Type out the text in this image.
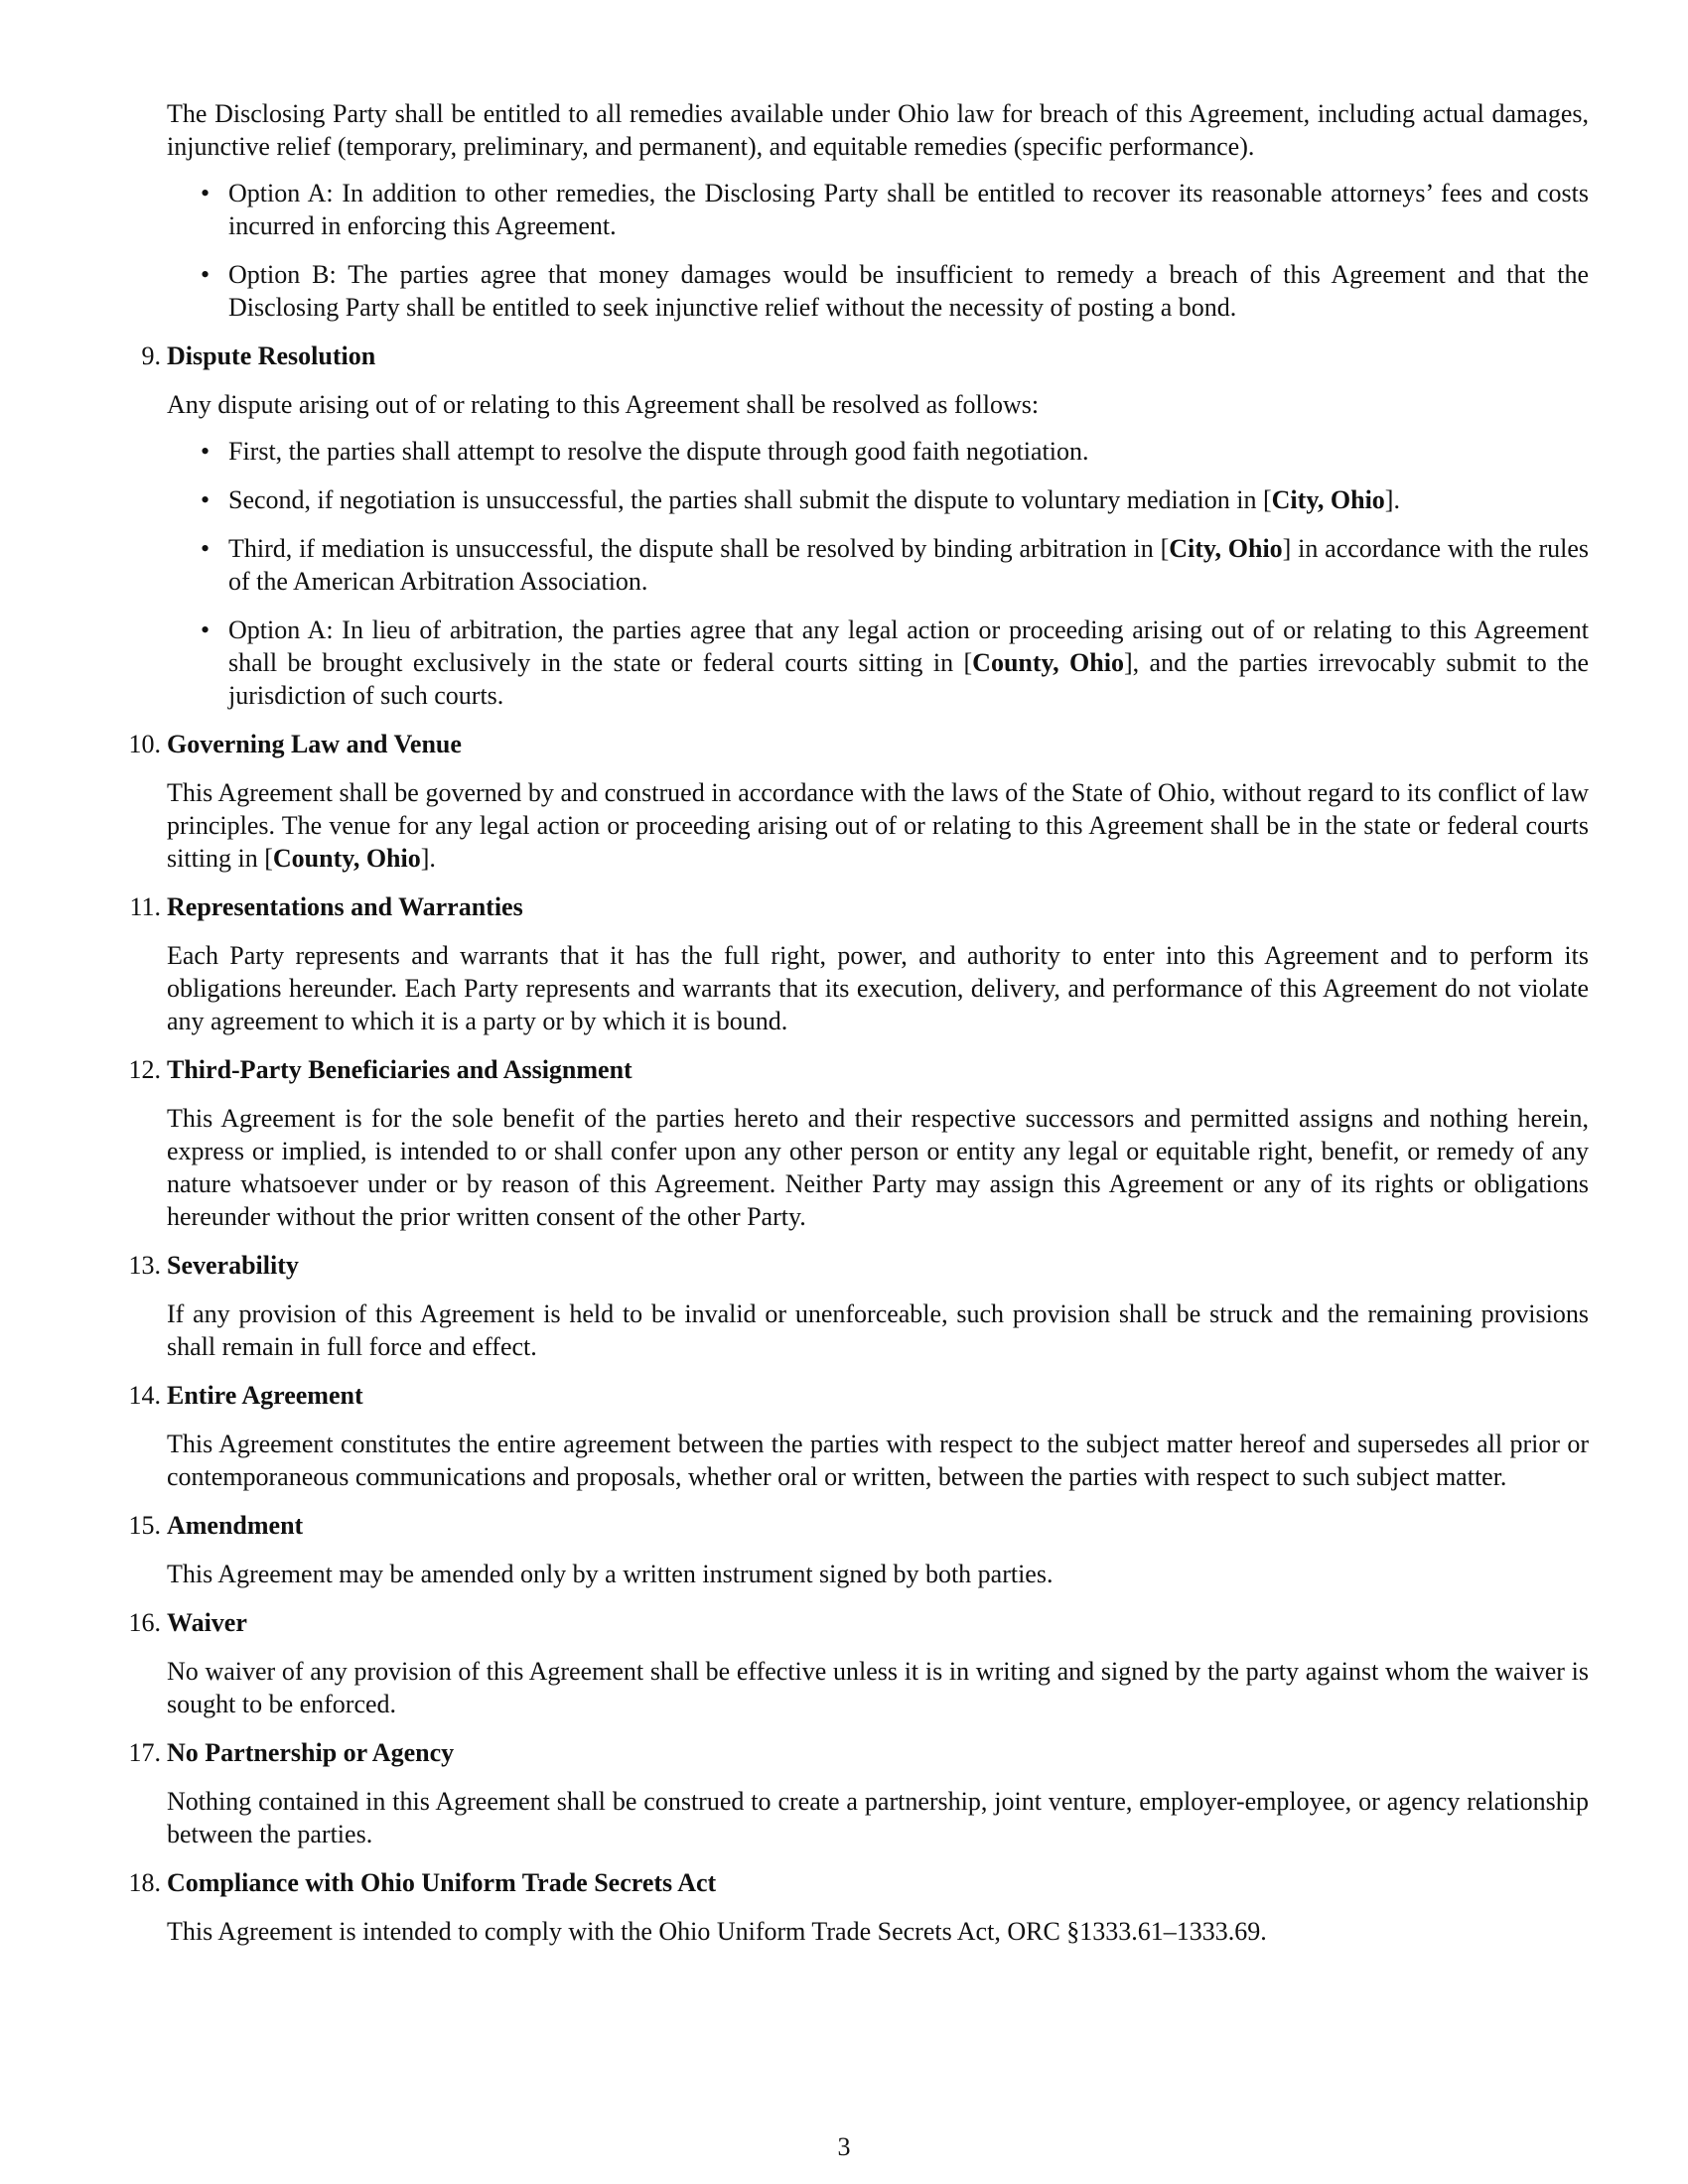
The Disclosing Party shall be entitled to all remedies available under Ohio law for breach of this Agreement, including actual damages, injunctive relief (temporary, preliminary, and permanent), and equitable remedies (specific performance).

• Option A: In addition to other remedies, the Disclosing Party shall be entitled to recover its reasonable attorneys’ fees and costs incurred in enforcing this Agreement.
• Option B: The parties agree that money damages would be insufficient to remedy a breach of this Agreement and that the Disclosing Party shall be entitled to seek injunctive relief without the necessity of posting a bond.
9. Dispute Resolution

Any dispute arising out of or relating to this Agreement shall be resolved as follows:

• First, the parties shall attempt to resolve the dispute through good faith negotiation.
• Second, if negotiation is unsuccessful, the parties shall submit the dispute to voluntary mediation in [City, Ohio].
• Third, if mediation is unsuccessful, the dispute shall be resolved by binding arbitration in [City, Ohio] in accordance with the rules of the American Arbitration Association.
• Option A: In lieu of arbitration, the parties agree that any legal action or proceeding arising out of or relating to this Agreement shall be brought exclusively in the state or federal courts sitting in [County, Ohio], and the parties irrevocably submit to the jurisdiction of such courts.
10. Governing Law and Venue

This Agreement shall be governed by and construed in accordance with the laws of the State of Ohio, without regard to its conflict of law principles. The venue for any legal action or proceeding arising out of or relating to this Agreement shall be in the state or federal courts sitting in [County, Ohio].

11. Representations and Warranties

Each Party represents and warrants that it has the full right, power, and authority to enter into this Agreement and to perform its obligations hereunder. Each Party represents and warrants that its execution, delivery, and performance of this Agreement do not violate any agreement to which it is a party or by which it is bound.

12. Third-Party Beneficiaries and Assignment

This Agreement is for the sole benefit of the parties hereto and their respective successors and permitted assigns and nothing herein, express or implied, is intended to or shall confer upon any other person or entity any legal or equitable right, benefit, or remedy of any nature whatsoever under or by reason of this Agreement. Neither Party may assign this Agreement or any of its rights or obligations hereunder without the prior written consent of the other Party.

13. Severability

If any provision of this Agreement is held to be invalid or unenforceable, such provision shall be struck and the remaining provisions shall remain in full force and effect.

14. Entire Agreement

This Agreement constitutes the entire agreement between the parties with respect to the subject matter hereof and supersedes all prior or contemporaneous communications and proposals, whether oral or written, between the parties with respect to such subject matter.

15. Amendment

This Agreement may be amended only by a written instrument signed by both parties.

16. Waiver

No waiver of any provision of this Agreement shall be effective unless it is in writing and signed by the party against whom the waiver is sought to be enforced.

17. No Partnership or Agency

Nothing contained in this Agreement shall be construed to create a partnership, joint venture, employer-employee, or agency relationship between the parties.

18. Compliance with Ohio Uniform Trade Secrets Act

This Agreement is intended to comply with the Ohio Uniform Trade Secrets Act, ORC §1333.61–1333.69.

3
